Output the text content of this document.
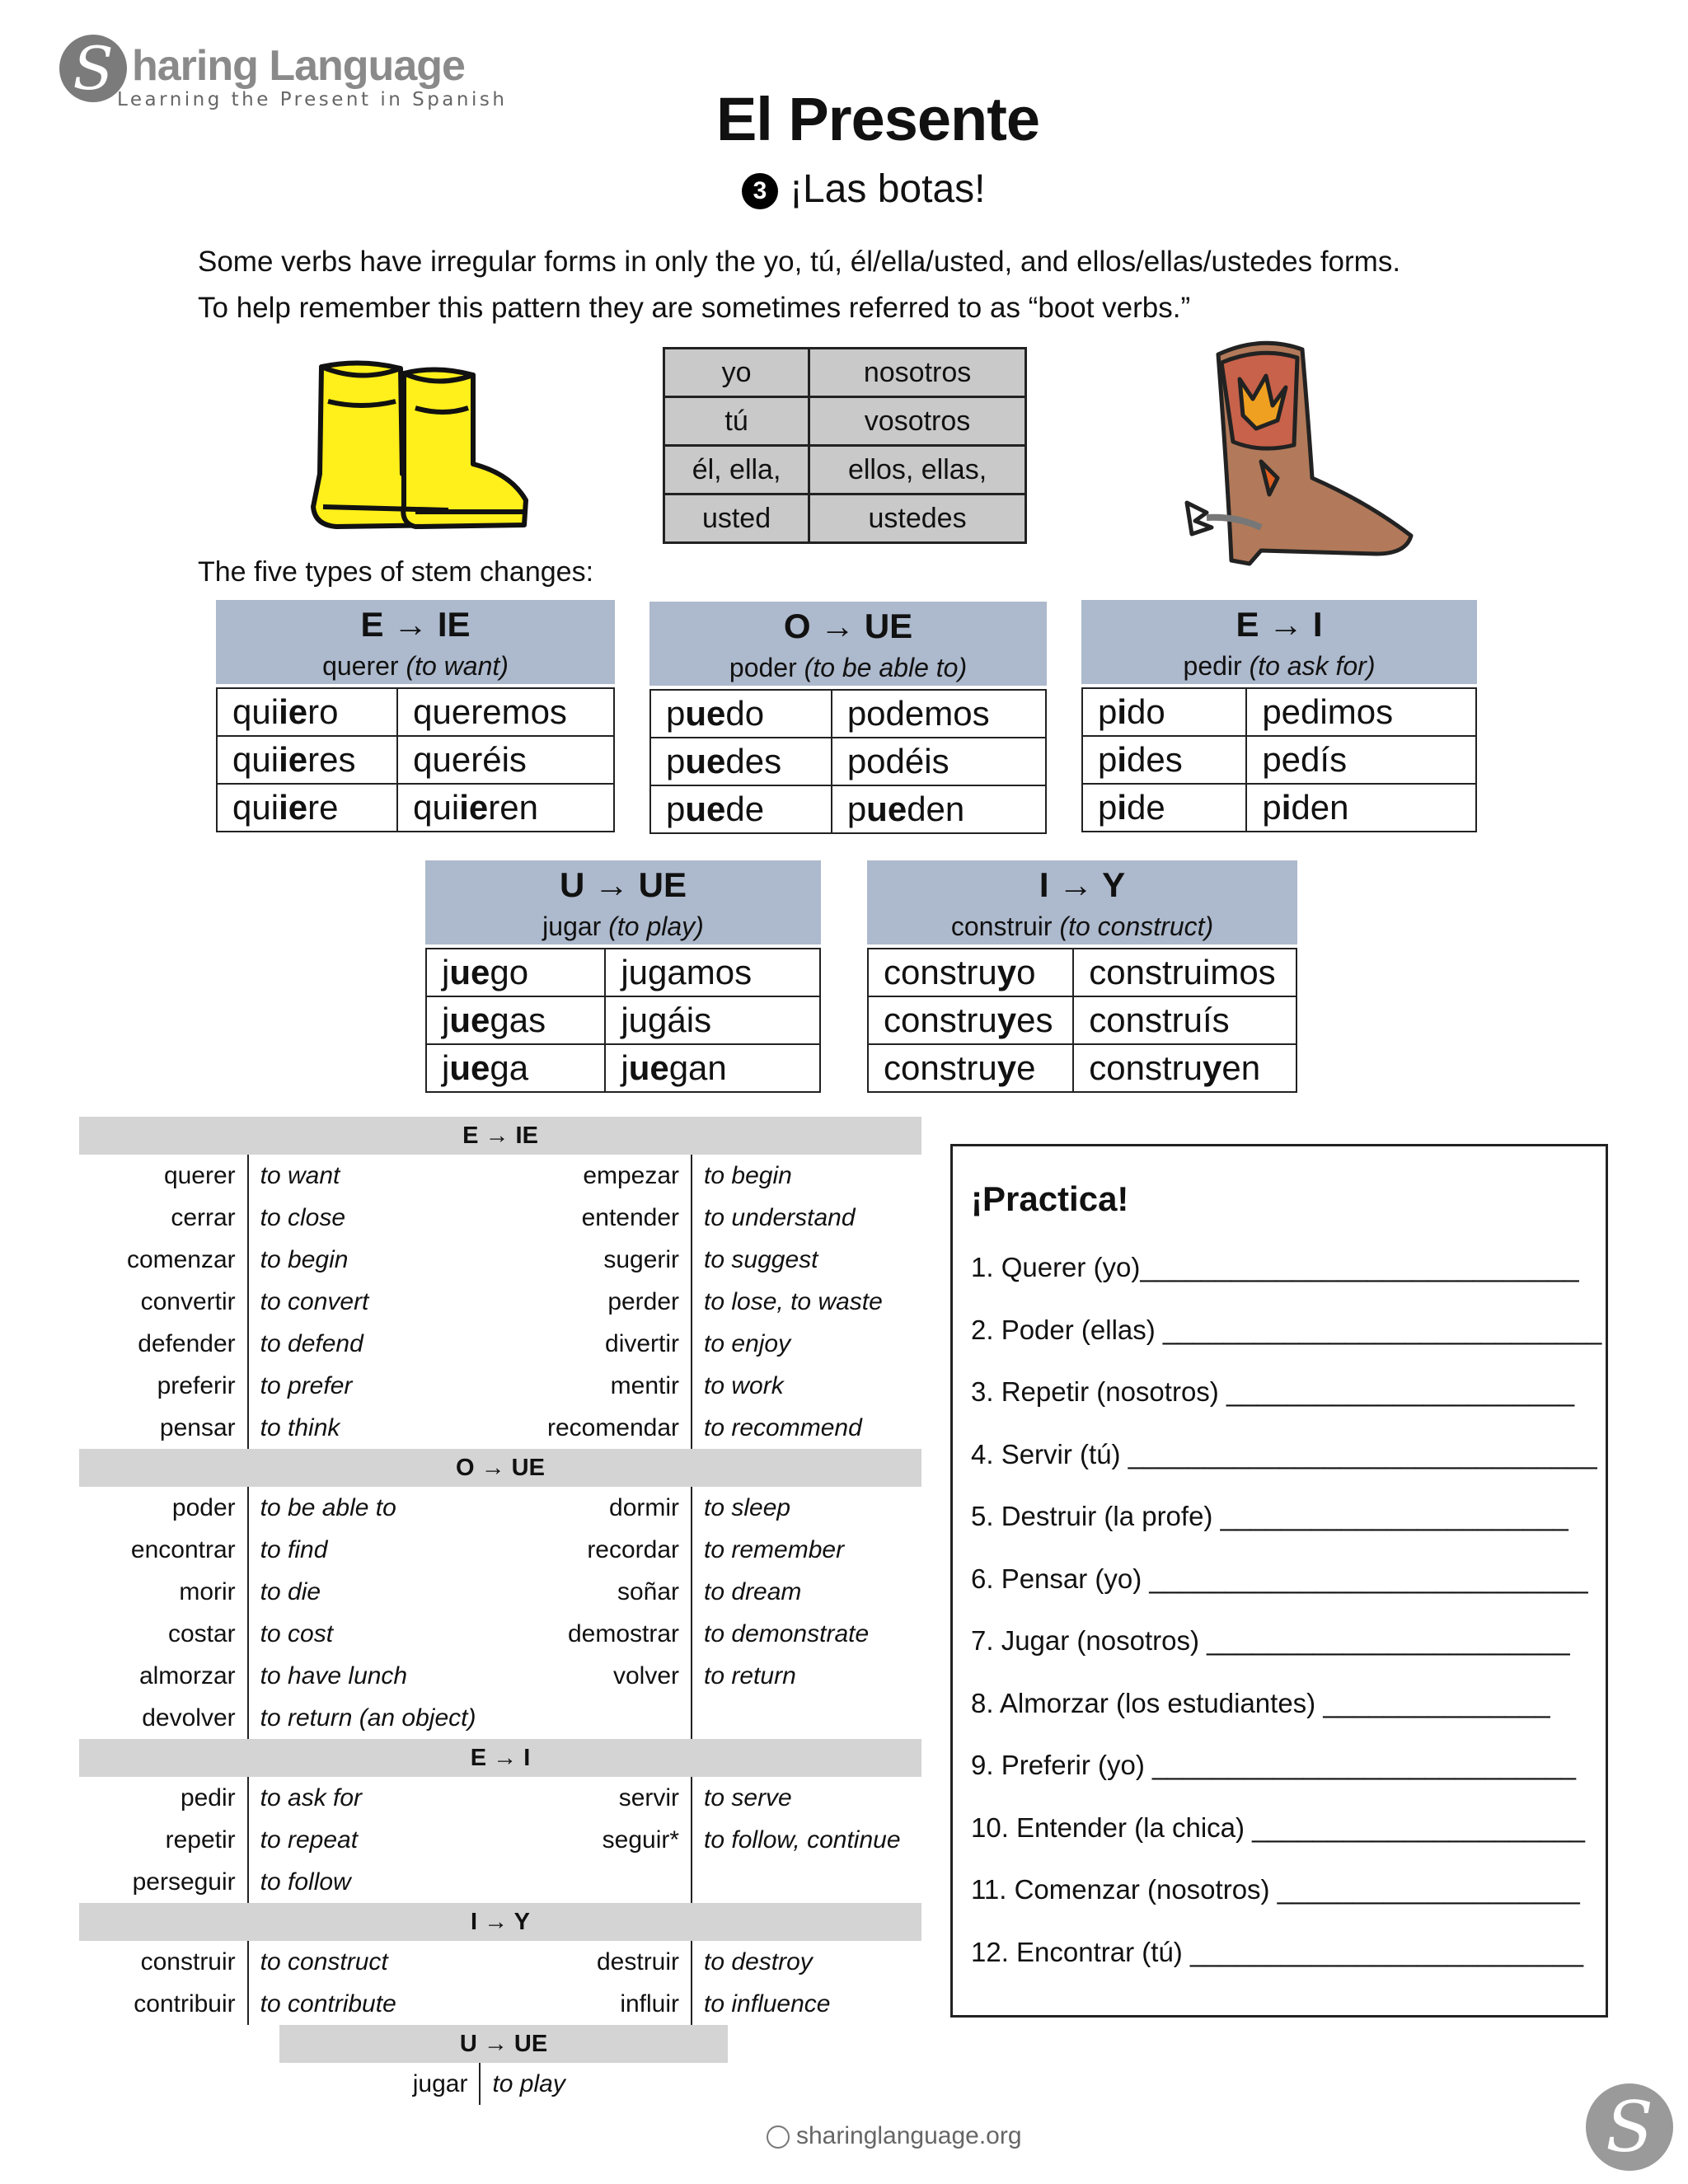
S haring Language
Learning the Present in Spanish	El Presente
3 ¡Las botas!
Some verbs have irregular forms in only the yo, tú, él/ella/usted, and ellos/ellas/ustedes forms.
To help remember this pattern they are sometimes referred to as “boot verbs.”
yo	nosotros
tú	vosotros
él, ella,	ellos, ellas,
usted	ustedes
The five types of stem changes:
E → IE
querer (to want)
quiiero	queremos
quiieres	queréis
quiiere	quiieren
O → UE
poder (to be able to)
puedo	podemos
puedes	podéis
puede	pueden
E → I
pedir (to ask for)
pido	pedimos
pides	pedís
pide	piden
U → UE
jugar (to play)
juego	jugamos
juegas	jugáis
juega	juegan
I → Y
construir (to construct)
construyo	construimos
construyes	construís
construye	construyen
E → IE
querer	to want	empezar	to begin
cerrar	to close	entender	to understand
comenzar	to begin	sugerir	to suggest
convertir	to convert	perder	to lose, to waste
defender	to defend	divertir	to enjoy
preferir	to prefer	mentir	to work
pensar	to think	recomendar	to recommend
O → UE
poder	to be able to	dormir	to sleep
encontrar	to find	recordar	to remember
morir	to die	soñar	to dream
costar	to cost	demostrar	to demonstrate
almorzar	to have lunch	volver	to return
devolver	to return (an object)
E → I
pedir	to ask for	servir	to serve
repetir	to repeat	seguir*	to follow, continue
perseguir	to follow
I → Y
construir	to construct	destruir	to destroy
contribuir	to contribute	influir	to influence
U → UE
jugar	to play
¡Practica!
1. Querer (yo)_____________________________
2. Poder (ellas) _____________________________
3. Repetir (nosotros) _______________________
4. Servir (tú) _______________________________
5. Destruir (la profe) _______________________
6. Pensar (yo) _____________________________
7. Jugar (nosotros) ________________________
8. Almorzar (los estudiantes) _______________
9. Preferir (yo) ____________________________
10. Entender (la chica) ______________________
11. Comenzar (nosotros) ____________________
12. Encontrar (tú) __________________________
sharinglanguage.org	S
